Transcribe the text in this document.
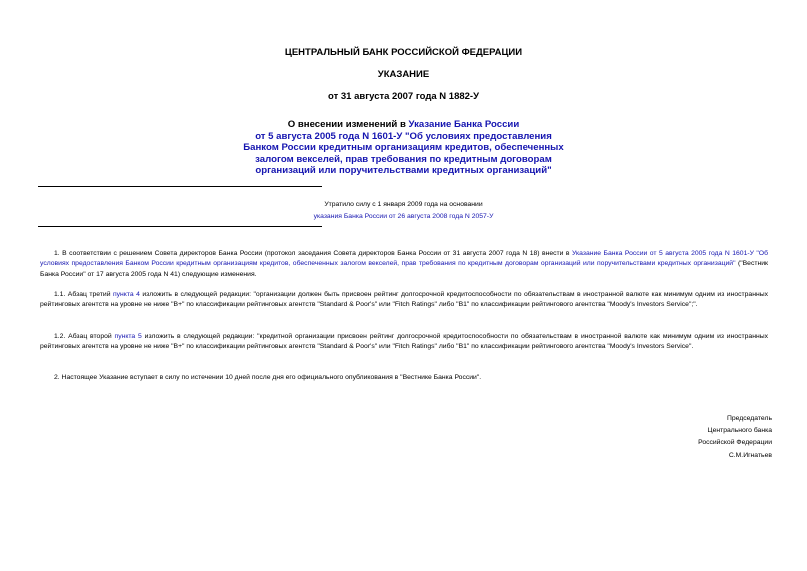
ЦЕНТРАЛЬНЫЙ БАНК РОССИЙСКОЙ ФЕДЕРАЦИИ
УКАЗАНИЕ
от 31 августа 2007 года N 1882-У
О внесении изменений в Указание Банка России
от 5 августа 2005 года N 1601-У "Об условиях предоставления
Банком России кредитным организациям кредитов, обеспеченных
залогом векселей, прав требования по кредитным договорам
организаций или поручительствами кредитных организаций"
Утратило силу с 1 января 2009 года на основании
указания Банка России от 26 августа 2008 года N 2057-У
1. В соответствии с решением Совета директоров Банка России (протокол заседания Совета директоров Банка России от 31 августа 2007 года N 18) внести в Указание Банка России от 5 августа 2005 года N 1601-У "Об условиях предоставления Банком России кредитным организациям кредитов, обеспеченных залогом векселей, прав требования по кредитным договорам организаций или поручительствами кредитных организаций" ("Вестник Банка России" от 17 августа 2005 года N 41) следующие изменения.
1.1. Абзац третий пункта 4 изложить в следующей редакции: "организации должен быть присвоен рейтинг долгосрочной кредитоспособности по обязательствам в иностранной валюте как минимум одним из иностранных рейтинговых агентств на уровне не ниже "B+" по классификации рейтинговых агентств "Standard & Poor's" или "Fitch Ratings" либо "B1" по классификации рейтингового агентства "Moody's Investors Service";".
1.2. Абзац второй пункта 5 изложить в следующей редакции: "кредитной организации присвоен рейтинг долгосрочной кредитоспособности по обязательствам в иностранной валюте как минимум одним из иностранных рейтинговых агентств на уровне не ниже "B+" по классификации рейтинговых агентств "Standard & Poor's" или "Fitch Ratings" либо "B1" по классификации рейтингового агентства "Moody's Investors Service".
2. Настоящее Указание вступает в силу по истечении 10 дней после дня его официального опубликования в "Вестнике Банка России".
Председатель
Центрального банка
Российской Федерации
С.М.Игнатьев
